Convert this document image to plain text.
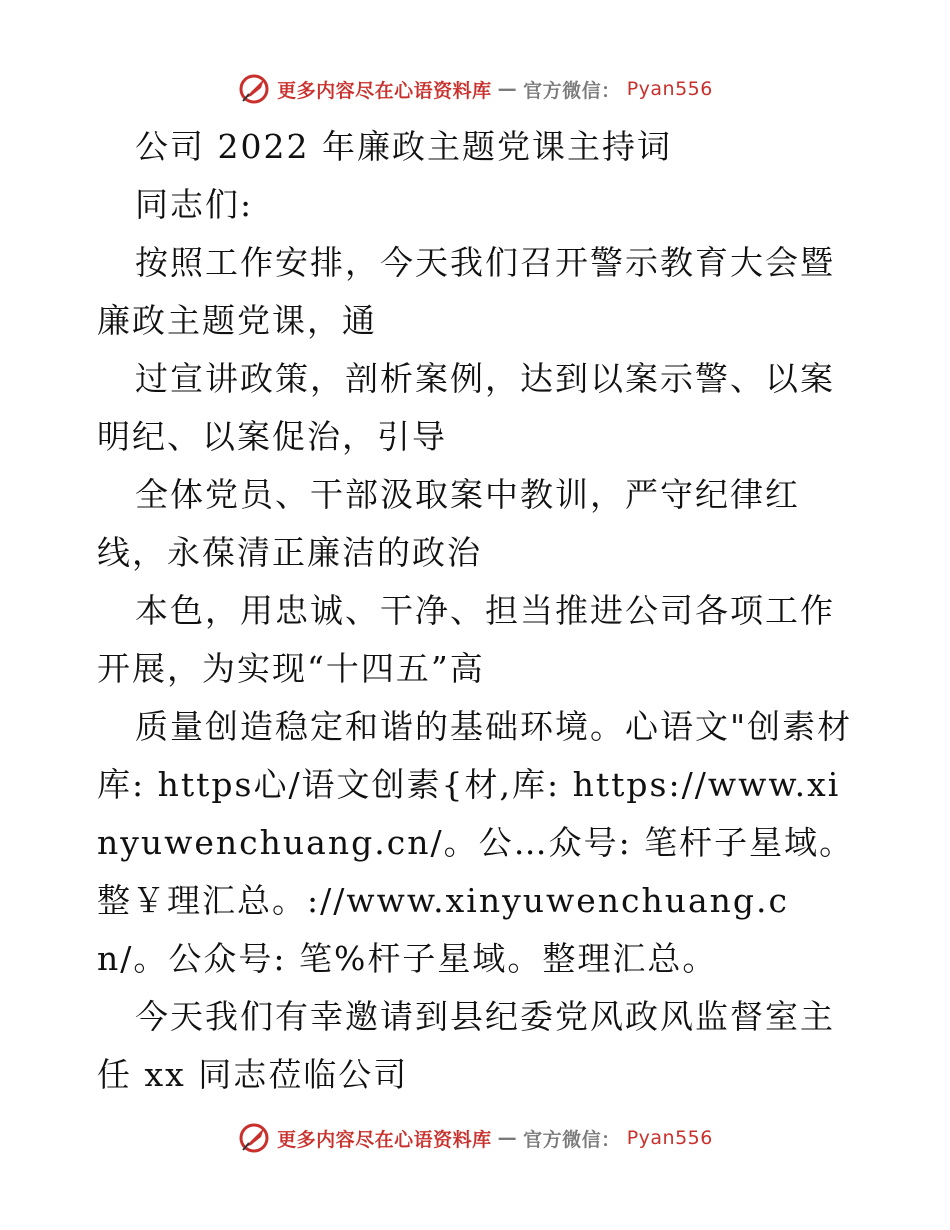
更多内容尽在心语资料库 — 官方微信： Pyan556

公司 2022 年廉政主题党课主持词

同志们:

按照工作安排，今天我们召开警示教育大会暨廉政主题党课，通

过宣讲政策，剖析案例，达到以案示警、以案明纪、以案促治，引导

全体党员、干部汲取案中教训，严守纪律红线，永葆清正廉洁的政治

本色，用忠诚、干净、担当推进公司各项工作开展，为实现“十四五”高

质量创造稳定和谐的基础环境。心语文"创素材库: https心/语文创素{材,库: https://www.xinyuwenchuang.cn/。公…众号: 笔杆子星域。整￥理汇总。://www.xinyuwenchuang.cn/。公众号: 笔%杆子星域。整理汇总。

今天我们有幸邀请到县纪委党风政风监督室主任 xx 同志莅临公司

更多内容尽在心语资料库 — 官方微信： Pyan556
